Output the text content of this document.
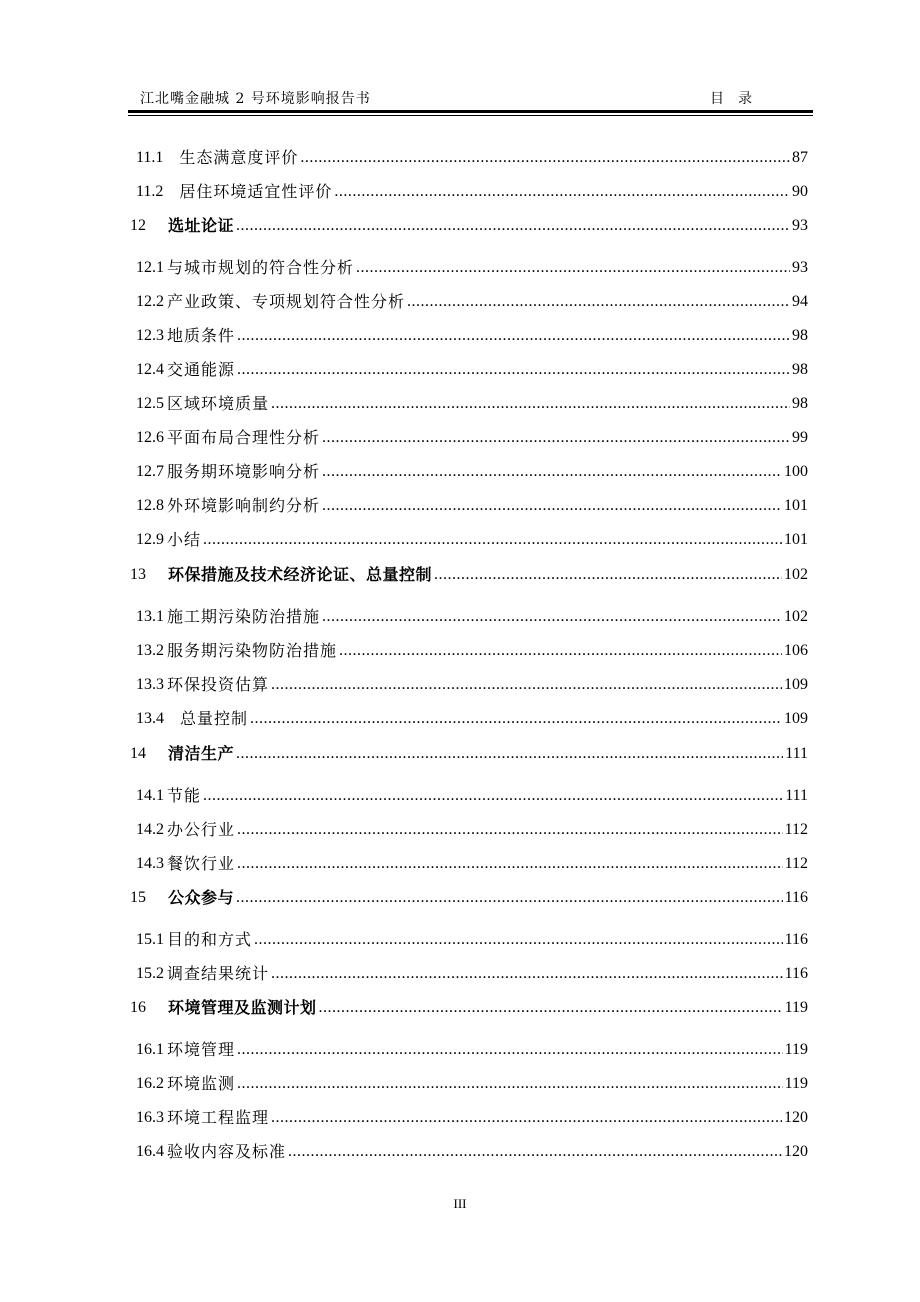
江北嘴金融城 2 号环境影响报告书	目录
11.1 生态满意度评价 .....	87
11.2 居住环境适宜性评价 .....	90
12 选址论证 .....	93
12.1 与城市规划的符合性分析 .....	93
12.2 产业政策、专项规划符合性分析 .....	94
12.3 地质条件 .....	98
12.4 交通能源 .....	98
12.5 区域环境质量 .....	98
12.6 平面布局合理性分析 .....	99
12.7 服务期环境影响分析 .....	100
12.8 外环境影响制约分析 .....	101
12.9 小结 .....	101
13 环保措施及技术经济论证、总量控制 .....	102
13.1 施工期污染防治措施 .....	102
13.2 服务期污染物防治措施 .....	106
13.3 环保投资估算 .....	109
13.4 总量控制 .....	109
14 清洁生产 .....	111
14.1 节能 .....	111
14.2 办公行业 .....	112
14.3 餐饮行业 .....	112
15 公众参与 .....	116
15.1 目的和方式 .....	116
15.2 调查结果统计 .....	116
16 环境管理及监测计划 .....	119
16.1 环境管理 .....	119
16.2 环境监测 .....	119
16.3 环境工程监理 .....	120
16.4 验收内容及标准 .....	120
III
